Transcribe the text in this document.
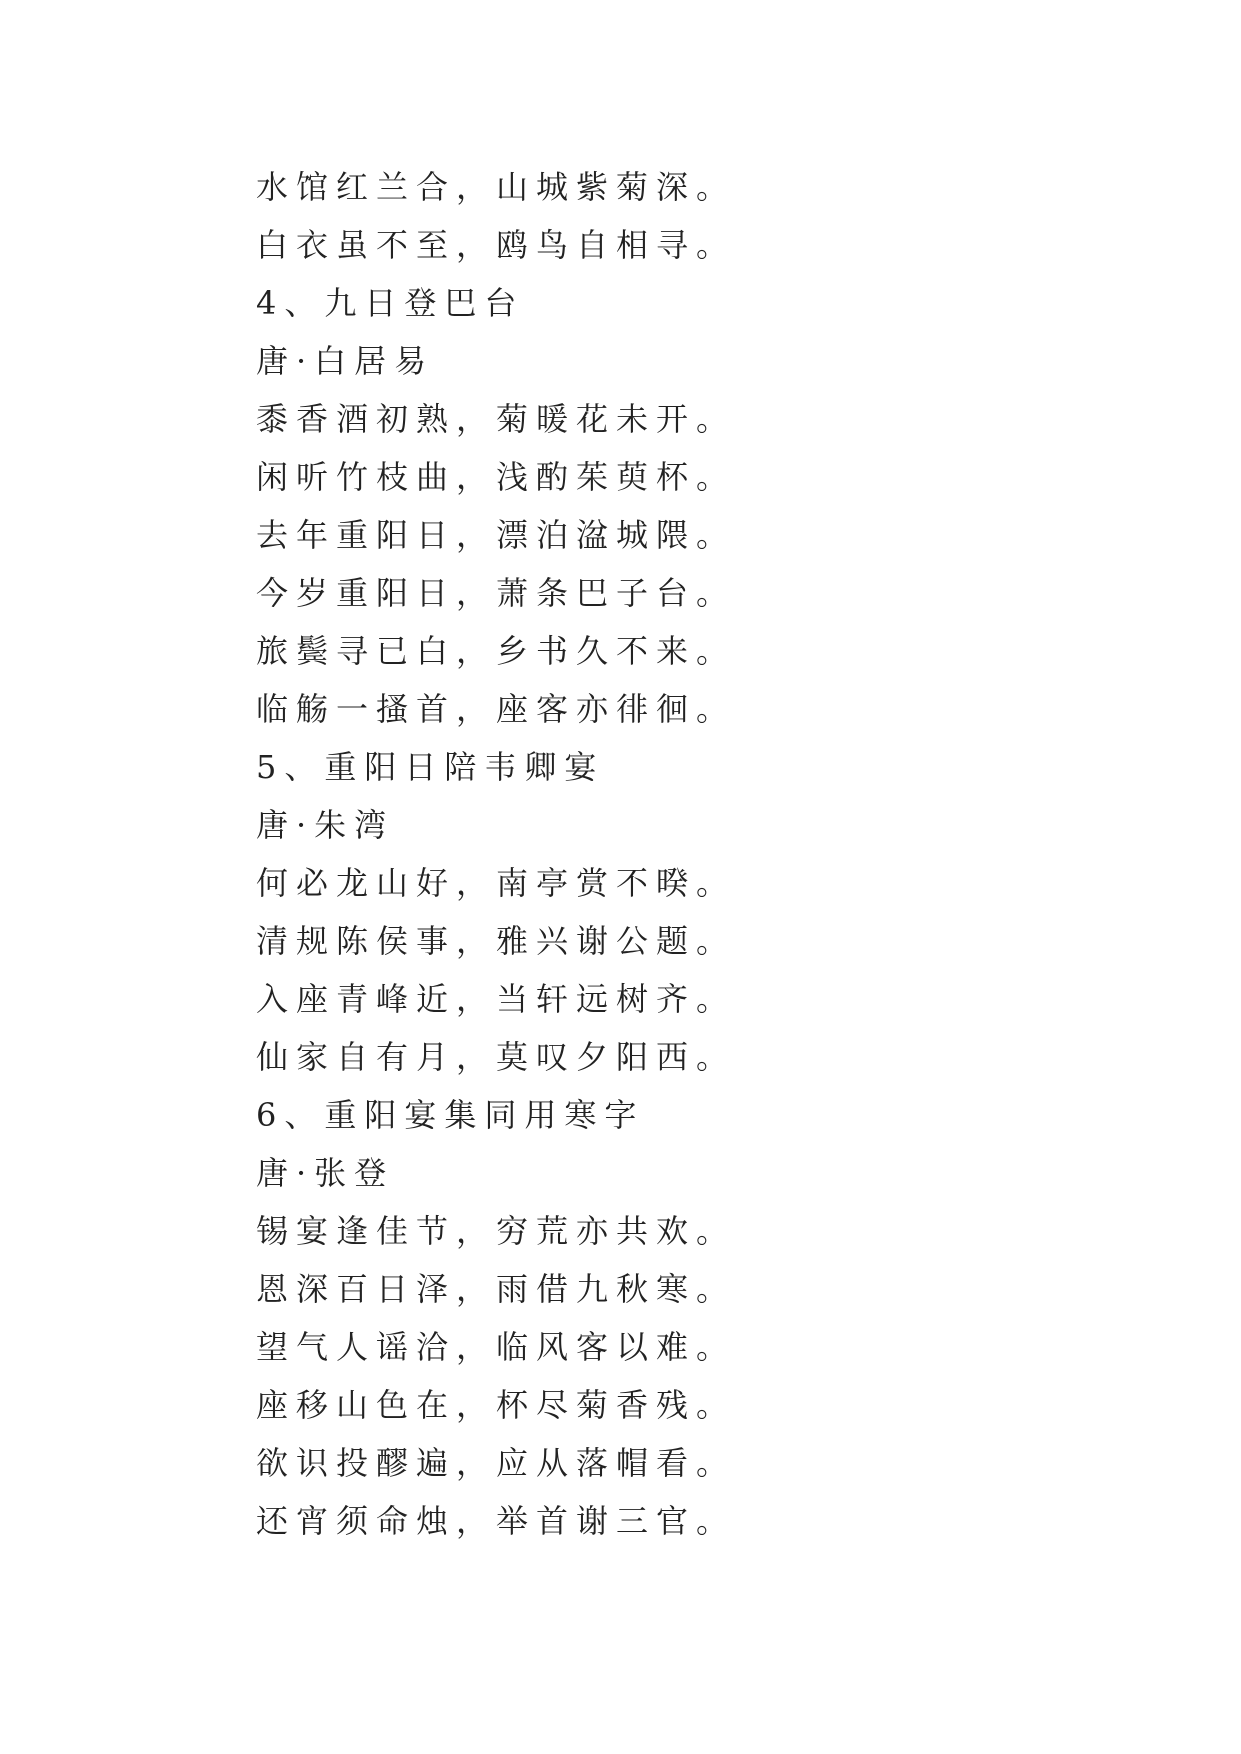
水馆红兰合，山城紫菊深。
白衣虽不至，鸥鸟自相寻。
4、九日登巴台
唐·白居易
黍香酒初熟，菊暖花未开。
闲听竹枝曲，浅酌茱萸杯。
去年重阳日，漂泊湓城隈。
今岁重阳日，萧条巴子台。
旅鬓寻已白，乡书久不来。
临觞一搔首，座客亦徘徊。
5、重阳日陪韦卿宴
唐·朱湾
何必龙山好，南亭赏不暌。
清规陈侯事，雅兴谢公题。
入座青峰近，当轩远树齐。
仙家自有月，莫叹夕阳西。
6、重阳宴集同用寒字
唐·张登
锡宴逢佳节，穷荒亦共欢。
恩深百日泽，雨借九秋寒。
望气人谣洽，临风客以难。
座移山色在，杯尽菊香残。
欲识投醪遍，应从落帽看。
还宵须命烛，举首谢三官。
